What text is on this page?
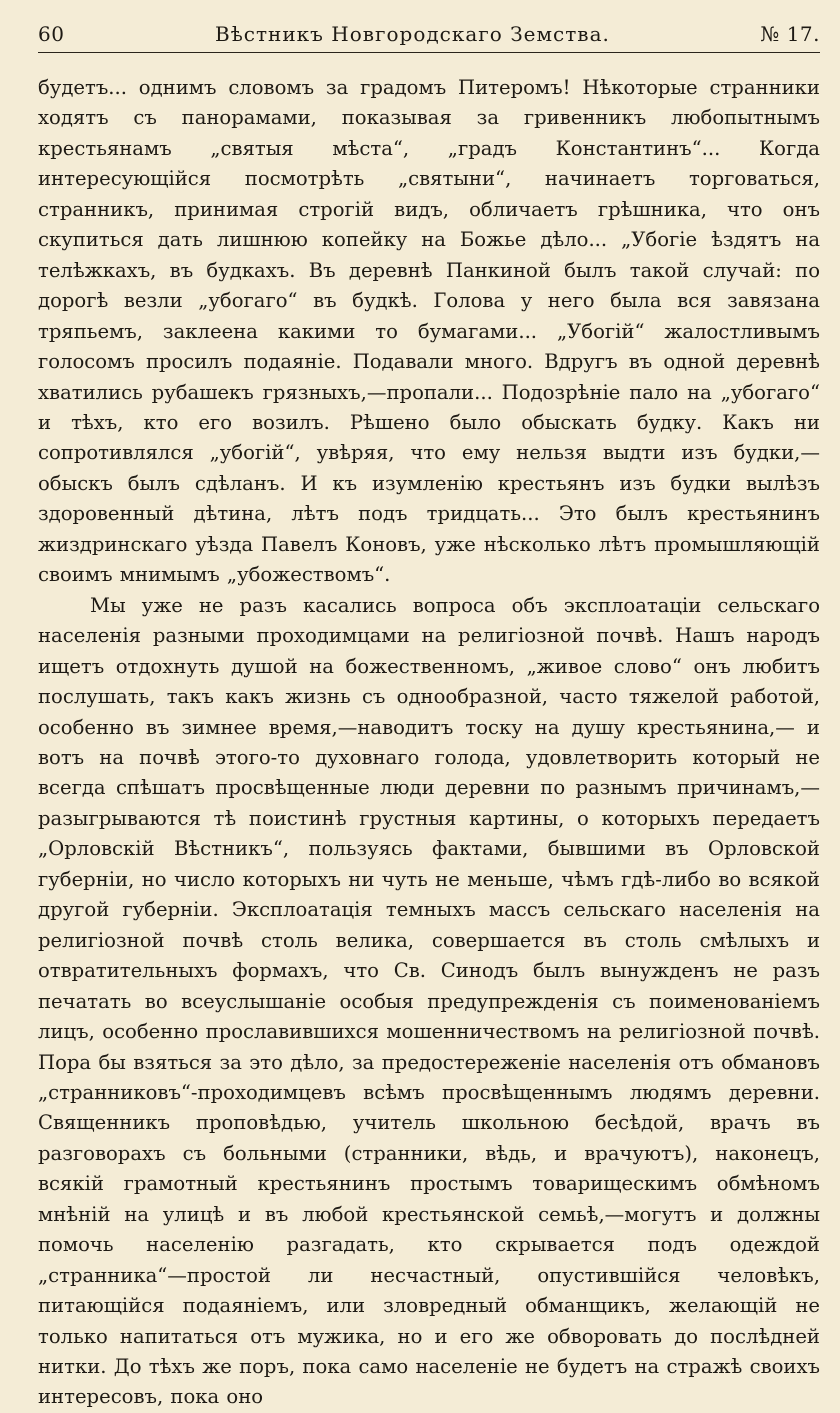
60	Вѣстникъ Новгородскаго Земства.	№ 17.

будетъ... однимъ словомъ за градомъ Питеромъ! Нѣкоторые странники ходятъ съ панорамами, показывая за гривенникъ любопытнымъ крестьянамъ „святыя мѣста“, „градъ Константинъ“... Когда интересующійся посмотрѣть „святыни“, начинаетъ торговаться, странникъ, принимая строгій видъ, обличаетъ грѣшника, что онъ скупиться дать лишнюю копейку на Божье дѣло... „Убогіе ѣздятъ на телѣжкахъ, въ будкахъ. Въ деревнѣ Панкиной былъ такой случай: по дорогѣ везли „убогаго“ въ будкѣ. Голова у него была вся завязана тряпьемъ, заклеена какими то бумагами... „Убогій“ жалостливымъ голосомъ просилъ подаяніе. Подавали много. Вдругъ въ одной деревнѣ хватились рубашекъ грязныхъ,—пропали... Подозрѣніе пало на „убогаго“ и тѣхъ, кто его возилъ. Рѣшено было обыскать будку. Какъ ни сопротивлялся „убогій“, увѣряя, что ему нельзя выдти изъ будки,—обыскъ былъ сдѣланъ. И къ изумленію крестьянъ изъ будки вылѣзъ здоровенный дѣтина, лѣтъ подъ тридцать... Это былъ крестьянинъ жиздринскаго уѣзда Павелъ Коновъ, уже нѣсколько лѣтъ промышляющій своимъ мнимымъ „убожествомъ“.

Мы уже не разъ касались вопроса объ эксплоатаціи сельскаго населенія разными проходимцами на религіозной почвѣ. Нашъ народъ ищетъ отдохнуть душой на божественномъ, „живое слово“ онъ любитъ послушать, такъ какъ жизнь съ однообразной, часто тяжелой работой, особенно въ зимнее время,—наводитъ тоску на душу крестьянина,— и вотъ на почвѣ этого-то духовнаго голода, удовлетворить который не всегда спѣшатъ просвѣщенные люди деревни по разнымъ причинамъ,— разыгрываются тѣ поистинѣ грустныя картины, о которыхъ передаетъ „Орловскій Вѣстникъ“, пользуясь фактами, бывшими въ Орловской губерніи, но число которыхъ ни чуть не меньше, чѣмъ гдѣ-либо во всякой другой губерніи. Эксплоатація темныхъ массъ сельскаго населенія на религіозной почвѣ столь велика, совершается въ столь смѣлыхъ и отвратительныхъ формахъ, что Св. Синодъ былъ вынужденъ не разъ печатать во всеуслышаніе особыя предупрежденія съ поименованіемъ лицъ, особенно прославившихся мошенничествомъ на религіозной почвѣ. Пора бы взяться за это дѣло, за предостереженіе населенія отъ обмановъ „странниковъ“-проходимцевъ всѣмъ просвѣщеннымъ людямъ деревни. Священникъ проповѣдью, учитель школьною бесѣдой, врачъ въ разговорахъ съ больными (странники, вѣдь, и врачуютъ), наконецъ, всякій грамотный крестьянинъ простымъ товарищескимъ обмѣномъ мнѣній на улицѣ и въ любой крестьянской семьѣ,—могутъ и должны помочь населенію разгадать, кто скрывается подъ одеждой „странника“—простой ли несчастный, опустившійся человѣкъ, питающійся подаяніемъ, или зловредный обманщикъ, желающій не только напитаться отъ мужика, но и его же обворовать до послѣдней нитки. До тѣхъ же поръ, пока само населеніе не будетъ на стражѣ своихъ интересовъ, пока оно
